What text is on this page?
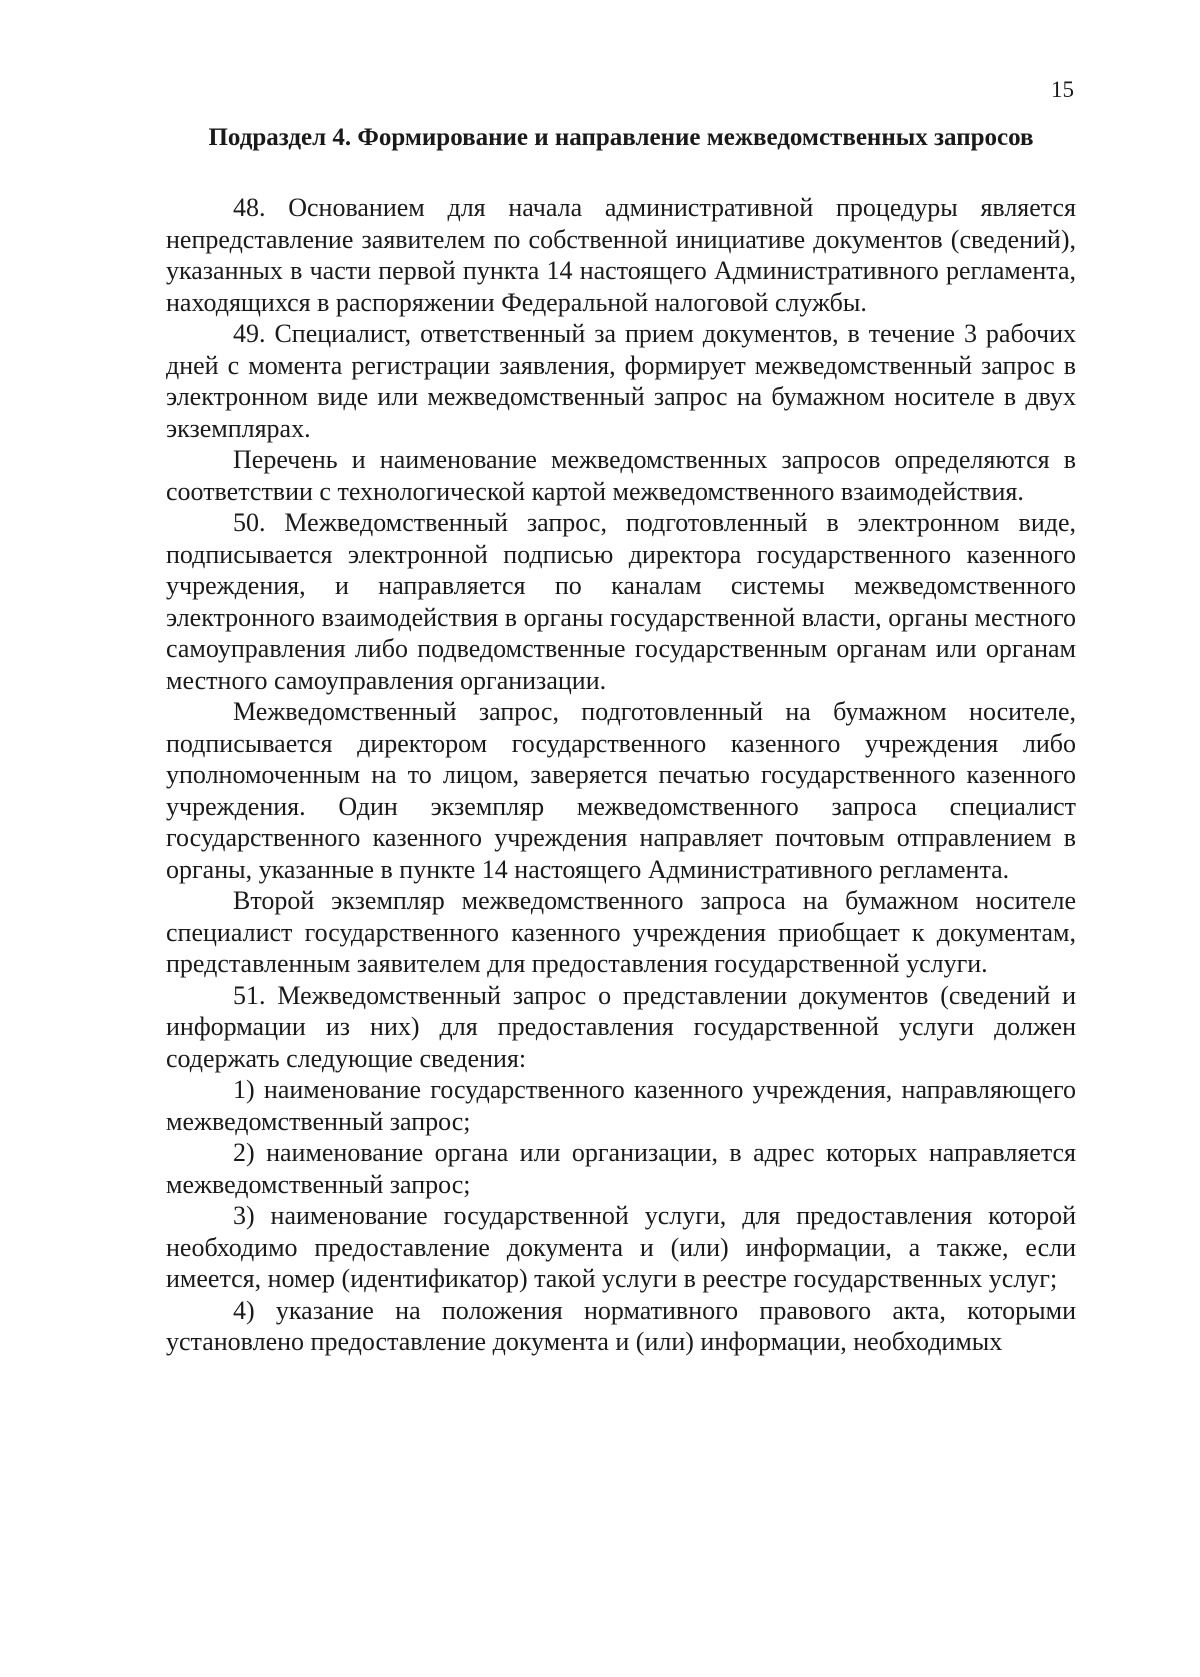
15
Подраздел 4. Формирование и направление межведомственных запросов

48. Основанием для начала административной процедуры является непредставление заявителем по собственной инициативе документов (сведений), указанных в части первой пункта 14 настоящего Административного регламента, находящихся в распоряжении Федеральной налоговой службы.

49. Специалист, ответственный за прием документов, в течение 3 рабочих дней с момента регистрации заявления, формирует межведомственный запрос в электронном виде или межведомственный запрос на бумажном носителе в двух экземплярах.

Перечень и наименование межведомственных запросов определяются в соответствии с технологической картой межведомственного взаимодействия.

50. Межведомственный запрос, подготовленный в электронном виде, подписывается электронной подписью директора государственного казенного учреждения, и направляется по каналам системы межведомственного электронного взаимодействия в органы государственной власти, органы местного самоуправления либо подведомственные государственным органам или органам местного самоуправления организации.

Межведомственный запрос, подготовленный на бумажном носителе, подписывается директором государственного казенного учреждения либо уполномоченным на то лицом, заверяется печатью государственного казенного учреждения. Один экземпляр межведомственного запроса специалист государственного казенного учреждения направляет почтовым отправлением в органы, указанные в пункте 14 настоящего Административного регламента.

Второй экземпляр межведомственного запроса на бумажном носителе специалист государственного казенного учреждения приобщает к документам, представленным заявителем для предоставления государственной услуги.

51. Межведомственный запрос о представлении документов (сведений и информации из них) для предоставления государственной услуги должен содержать следующие сведения:

1) наименование государственного казенного учреждения, направляющего межведомственный запрос;

2) наименование органа или организации, в адрес которых направляется межведомственный запрос;

3) наименование государственной услуги, для предоставления которой необходимо предоставление документа и (или) информации, а также, если имеется, номер (идентификатор) такой услуги в реестре государственных услуг;

4) указание на положения нормативного правового акта, которыми установлено предоставление документа и (или) информации, необходимых
